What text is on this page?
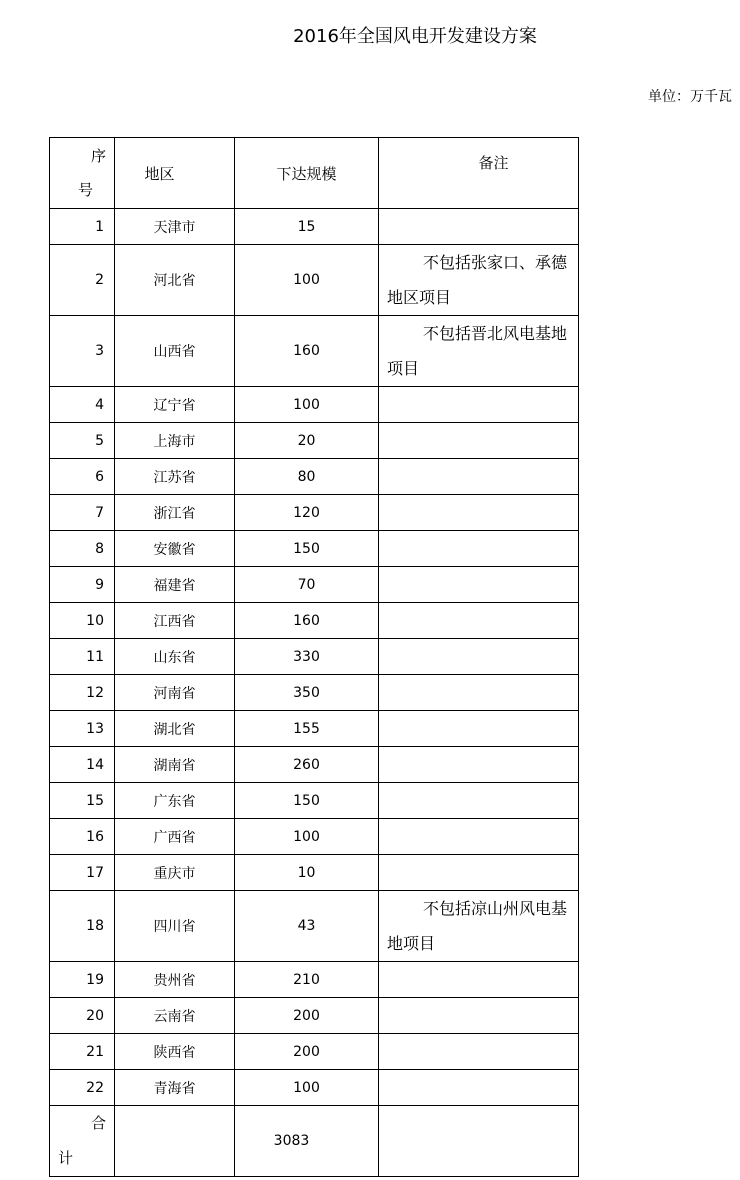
2016年全国风电开发建设方案
单位：万千瓦
序
号	地区	下达规模	备注
1	天津市	15	
2	河北省	100	不包括张家口、承德地区项目
3	山西省	160	不包括晋北风电基地项目
4	辽宁省	100	
5	上海市	20	
6	江苏省	80	
7	浙江省	120	
8	安徽省	150	
9	福建省	70	
10	江西省	160	
11	山东省	330	
12	河南省	350	
13	湖北省	155	
14	湖南省	260	
15	广东省	150	
16	广西省	100	
17	重庆市	10	
18	四川省	43	不包括凉山州风电基地项目
19	贵州省	210	
20	云南省	200	
21	陕西省	200	
22	青海省	100	

合
计		3083	
